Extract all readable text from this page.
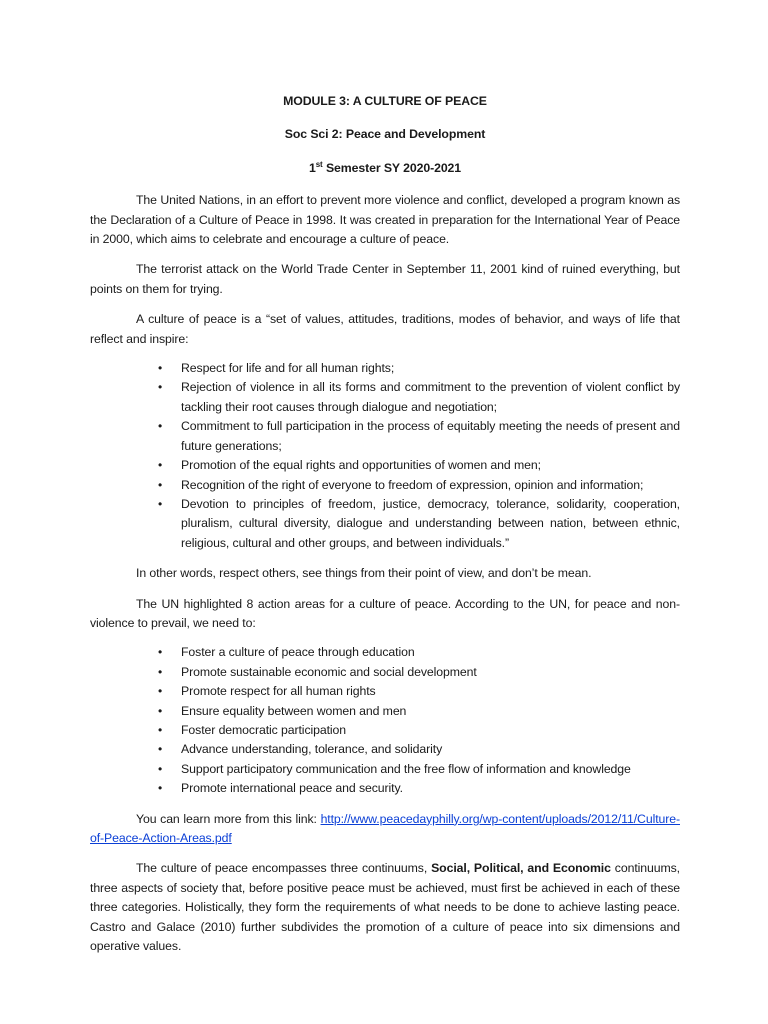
MODULE 3: A CULTURE OF PEACE

Soc Sci 2: Peace and Development

1st Semester SY 2020-2021

The United Nations, in an effort to prevent more violence and conflict, developed a program known as the Declaration of a Culture of Peace in 1998. It was created in preparation for the International Year of Peace in 2000, which aims to celebrate and encourage a culture of peace.

The terrorist attack on the World Trade Center in September 11, 2001 kind of ruined everything, but points on them for trying.

A culture of peace is a “set of values, attitudes, traditions, modes of behavior, and ways of life that reflect and inspire:

• Respect for life and for all human rights;
• Rejection of violence in all its forms and commitment to the prevention of violent conflict by tackling their root causes through dialogue and negotiation;
• Commitment to full participation in the process of equitably meeting the needs of present and future generations;
• Promotion of the equal rights and opportunities of women and men;
• Recognition of the right of everyone to freedom of expression, opinion and information;
• Devotion to principles of freedom, justice, democracy, tolerance, solidarity, cooperation, pluralism, cultural diversity, dialogue and understanding between nation, between ethnic, religious, cultural and other groups, and between individuals.”

In other words, respect others, see things from their point of view, and don’t be mean.

The UN highlighted 8 action areas for a culture of peace. According to the UN, for peace and non-violence to prevail, we need to:

• Foster a culture of peace through education
• Promote sustainable economic and social development
• Promote respect for all human rights
• Ensure equality between women and men
• Foster democratic participation
• Advance understanding, tolerance, and solidarity
• Support participatory communication and the free flow of information and knowledge
• Promote international peace and security.

You can learn more from this link: http://www.peacedayphilly.org/wp-content/uploads/2012/11/Culture-of-Peace-Action-Areas.pdf

The culture of peace encompasses three continuums, Social, Political, and Economic continuums, three aspects of society that, before positive peace must be achieved, must first be achieved in each of these three categories. Holistically, they form the requirements of what needs to be done to achieve lasting peace. Castro and Galace (2010) further subdivides the promotion of a culture of peace into six dimensions and operative values.
